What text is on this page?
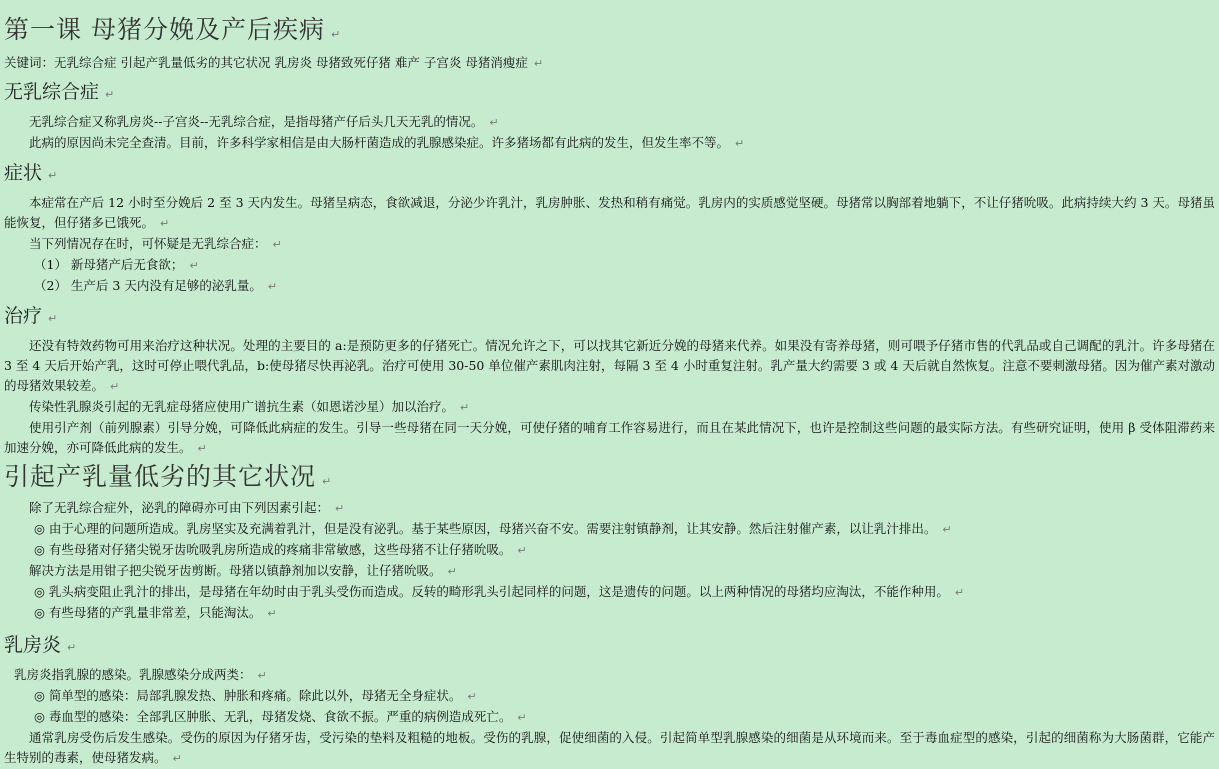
第一课 母猪分娩及产后疾病 ↵
关键词：无乳综合症 引起产乳量低劣的其它状况 乳房炎 母猪致死仔猪 难产 子宫炎 母猪消瘦症 ↵
无乳综合症 ↵

无乳综合症又称乳房炎--子宫炎--无乳综合症，是指母猪产仔后头几天无乳的情况。 ↵

此病的原因尚未完全查清。目前，许多科学家相信是由大肠杆菌造成的乳腺感染症。许多猪场都有此病的发生，但发生率不等。 ↵

症状 ↵

本症常在产后 12 小时至分娩后 2 至 3 天内发生。母猪呈病态，食欲减退，分泌少许乳汁，乳房肿胀、发热和稍有痛觉。乳房内的实质感觉坚硬。母猪常以胸部着地躺下，不让仔猪吮吸。此病持续大约 3 天。母猪虽能恢复，但仔猪多已饿死。 ↵

当下列情况存在时，可怀疑是无乳综合症： ↵

（1） 新母猪产后无食欲； ↵

（2） 生产后 3 天内没有足够的泌乳量。 ↵

治疗 ↵

还没有特效药物可用来治疗这种状况。处理的主要目的 a:是预防更多的仔猪死亡。情况允许之下，可以找其它新近分娩的母猪来代养。如果没有寄养母猪，则可喂予仔猪市售的代乳品或自己调配的乳汁。许多母猪在 3 至 4 天后开始产乳，这时可停止喂代乳品，b:使母猪尽快再泌乳。治疗可使用 30-50 单位催产素肌肉注射，每隔 3 至 4 小时重复注射。乳产量大约需要 3 或 4 天后就自然恢复。注意不要刺激母猪。因为催产素对激动的母猪效果较差。 ↵

传染性乳腺炎引起的无乳症母猪应使用广谱抗生素（如恩诺沙星）加以治疗。 ↵

使用引产剂（前列腺素）引导分娩，可降低此病症的发生。引导一些母猪在同一天分娩，可使仔猪的哺育工作容易进行，而且在某此情况下，也许是控制这些问题的最实际方法。有些研究证明，使用 β 受体阻滞药来加速分娩，亦可降低此病的发生。 ↵

引起产乳量低劣的其它状况 ↵

除了无乳综合症外，泌乳的障碍亦可由下列因素引起： ↵

◎ 由于心理的问题所造成。乳房坚实及充满着乳汁，但是没有泌乳。基于某些原因，母猪兴奋不安。需要注射镇静剂，让其安静。然后注射催产素，以让乳汁排出。 ↵

◎ 有些母猪对仔猪尖锐牙齿吮吸乳房所造成的疼痛非常敏感，这些母猪不让仔猪吮吸。 ↵

解决方法是用钳子把尖锐牙齿剪断。母猪以镇静剂加以安静，让仔猪吮吸。 ↵

◎ 乳头病变阻止乳汁的排出，是母猪在年幼时由于乳头受伤而造成。反转的畸形乳头引起同样的问题，这是遗传的问题。以上两种情况的母猪均应淘汰，不能作种用。 ↵

◎ 有些母猪的产乳量非常差，只能淘汰。 ↵

乳房炎 ↵

乳房炎指乳腺的感染。乳腺感染分成两类： ↵

◎ 简单型的感染：局部乳腺发热、肿胀和疼痛。除此以外，母猪无全身症状。 ↵

◎ 毒血型的感染：全部乳区肿胀、无乳，母猪发烧、食欲不振。严重的病例造成死亡。 ↵

通常乳房受伤后发生感染。受伤的原因为仔猪牙齿，受污染的垫料及粗糙的地板。受伤的乳腺，促使细菌的入侵。引起简单型乳腺感染的细菌是从环境而来。至于毒血症型的感染，引起的细菌称为大肠菌群，它能产生特别的毒素，使母猪发病。 ↵
